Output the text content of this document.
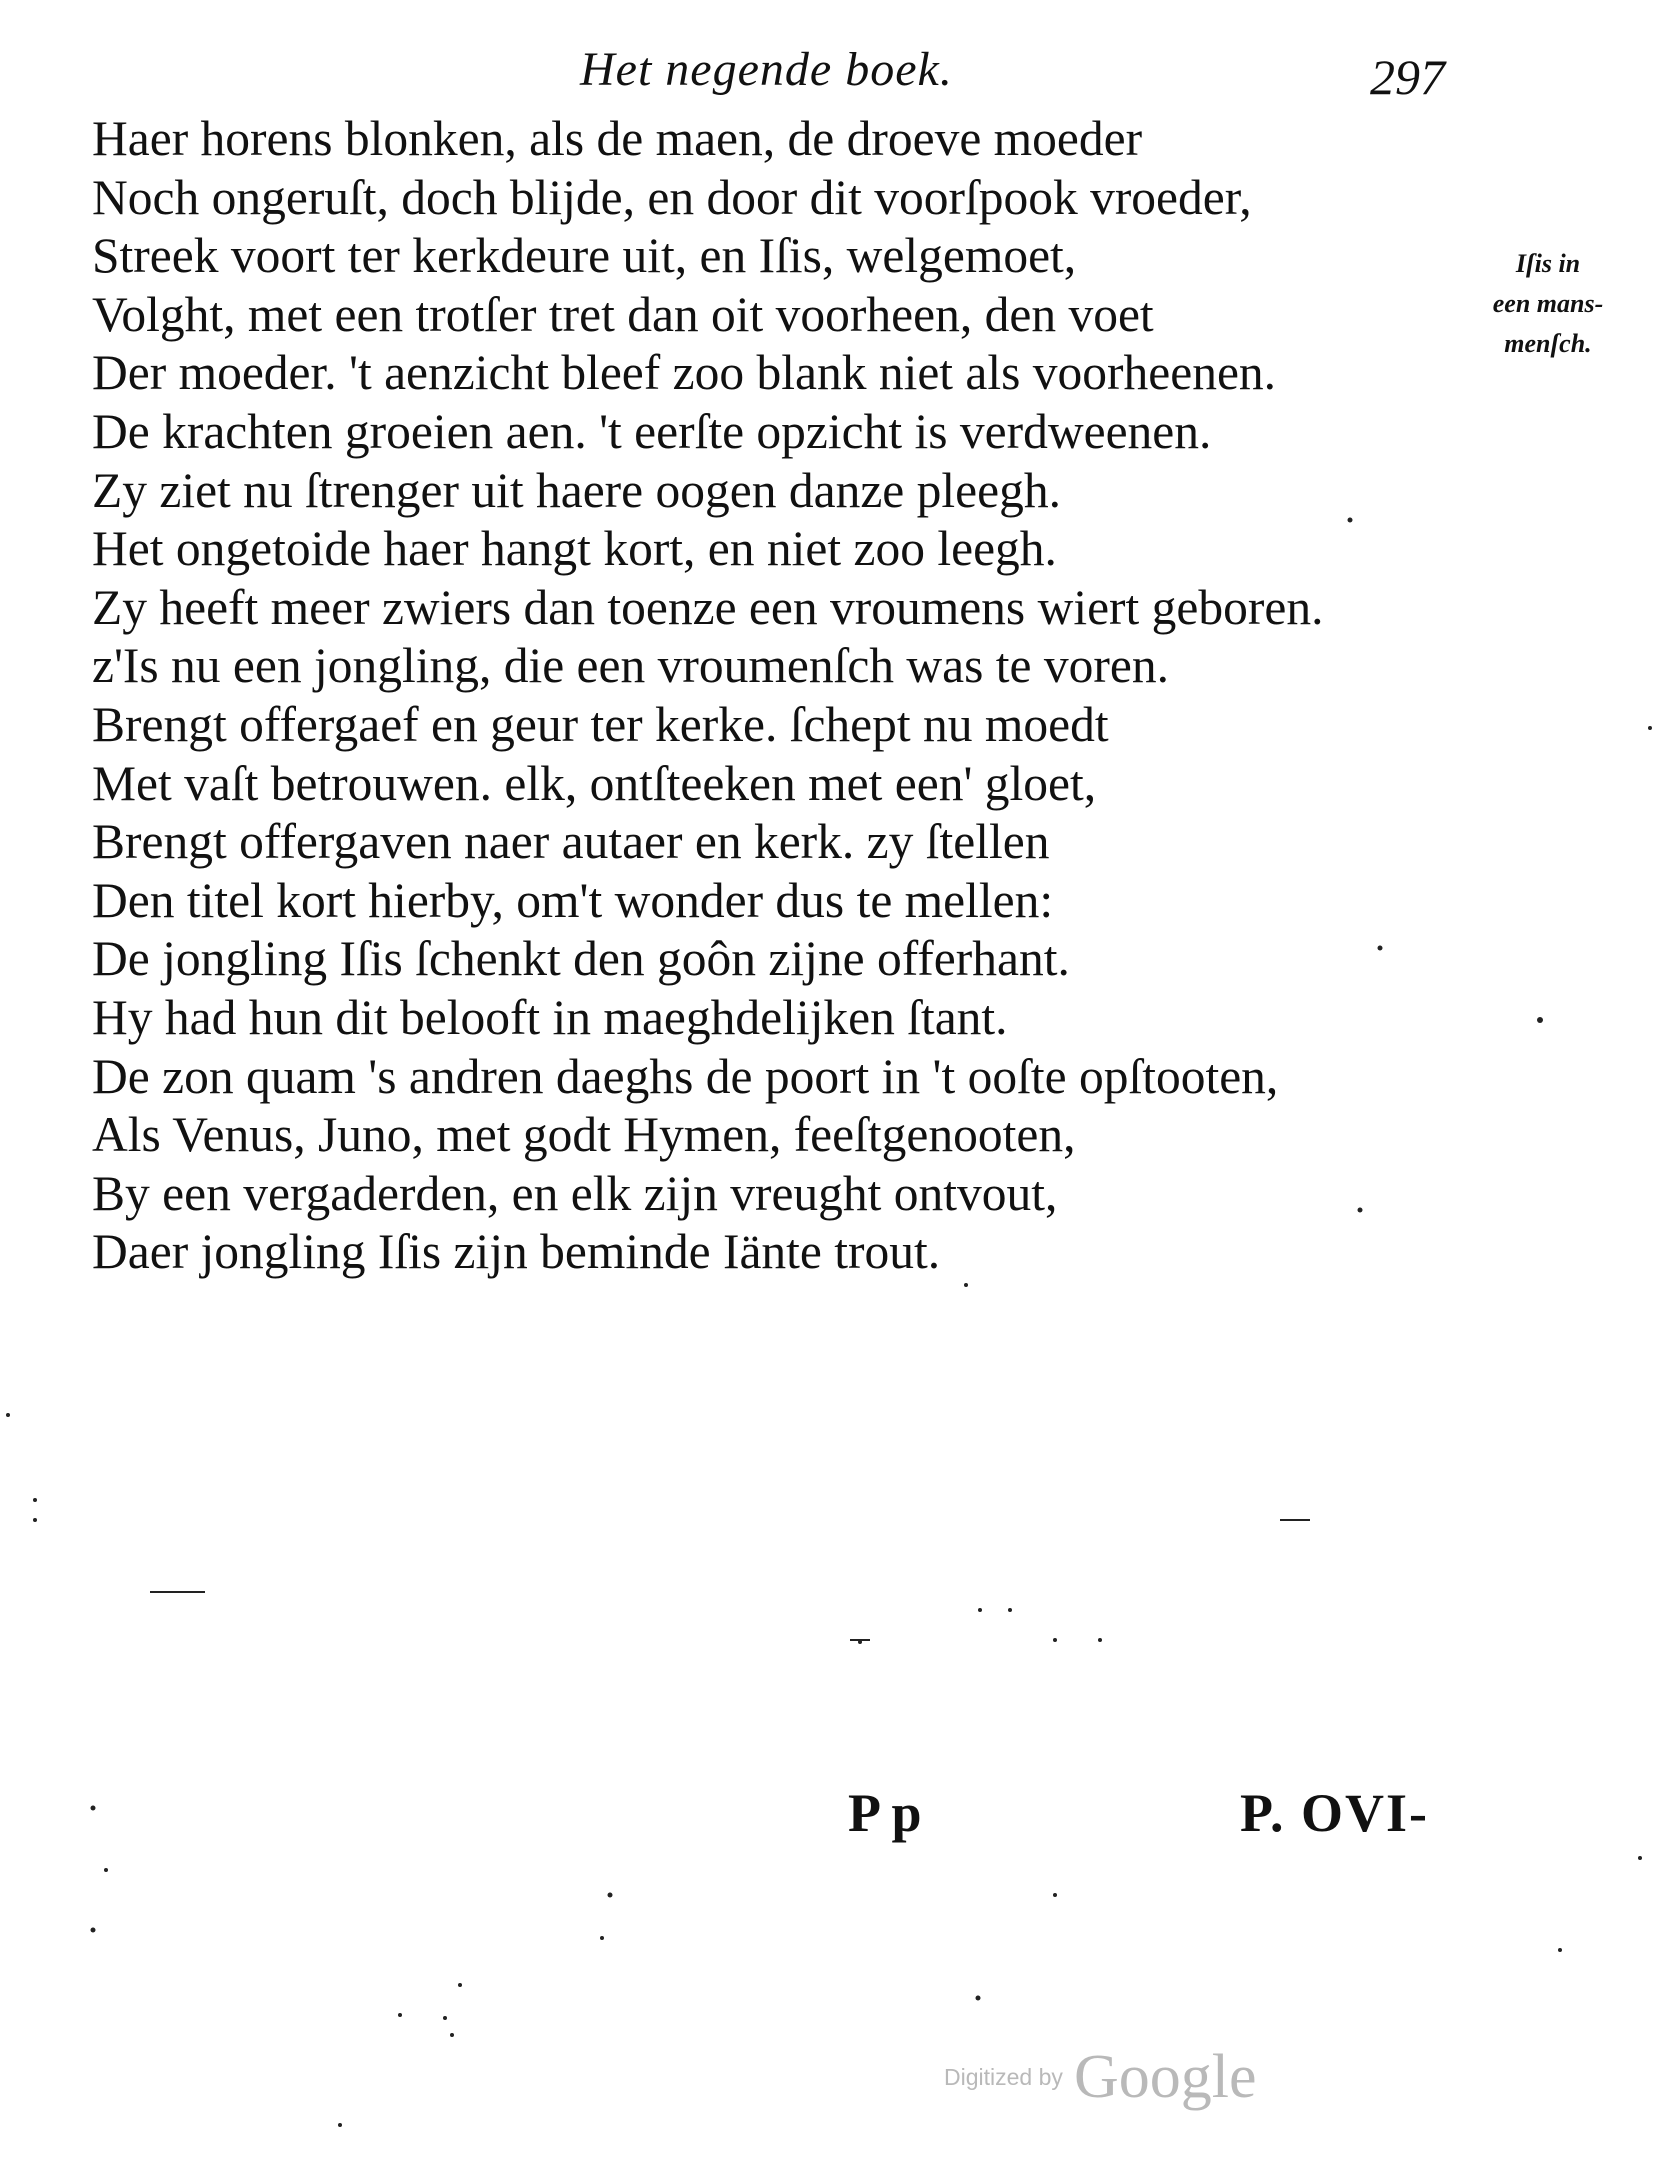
Het negende boek.	297
Haer horens blonken, als de maen, de droeve moeder
Noch ongeruſt, doch blijde, en door dit voorſpook vroeder,
Streek voort ter kerkdeure uit, en Iſis, welgemoet,
Volght, met een trotſer tret dan oit voorheen, den voet
Der moeder. 't aenzicht bleef zoo blank niet als voorheenen.
De krachten groeien aen. 't eerſte opzicht is verdweenen.
Zy ziet nu ſtrenger uit haere oogen danze pleegh.
Het ongetoide haer hangt kort, en niet zoo leegh.
Zy heeft meer zwiers dan toenze een vroumens wiert geboren.
z'Is nu een jongling, die een vroumenſch was te voren.
Brengt offergaef en geur ter kerke. ſchept nu moedt
Met vaſt betrouwen. elk, ontſteeken met een' gloet,
Brengt offergaven naer autaer en kerk. zy ſtellen
Den titel kort hierby, om't wonder dus te mellen:
De jongling Iſis ſchenkt den goôn zijne offerhant.
Hy had hun dit belooft in maeghdelijken ſtant.
De zon quam 's andren daeghs de poort in 't ooſte opſtooten,
Als Venus, Juno, met godt Hymen, feeſtgenooten,
By een vergaderden, en elk zijn vreught ontvout,
Daer jongling Iſis zijn beminde Iänte trout.
Iſis in
een mans-
menſch.
P p	P. OVI-
Digitized by Google
